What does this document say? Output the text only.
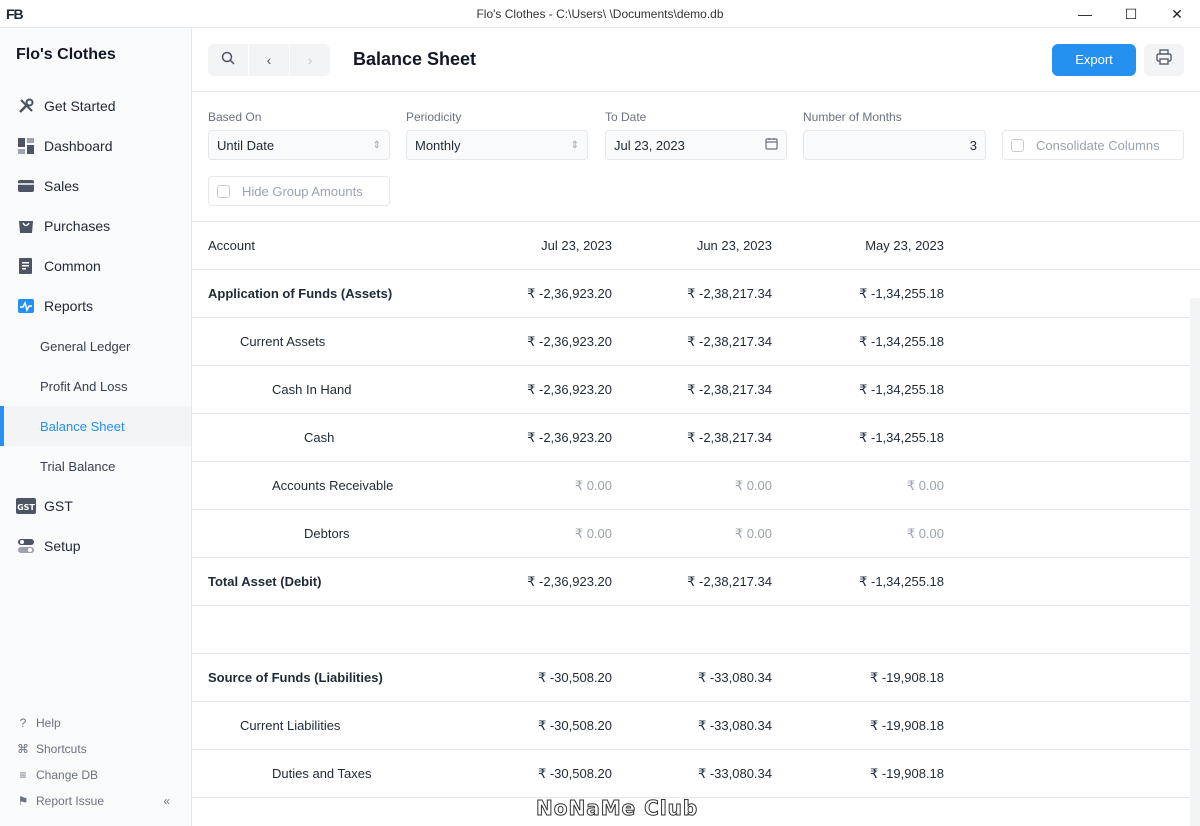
FB	Flo's Clothes - C:\Users\ \Documents\demo.db	—	☐	✕
Flo's Clothes
Get Started
Dashboard
Sales
Purchases
Common
Reports
General Ledger
Profit And Loss
Balance Sheet
Trial Balance
GST GST
Setup
? Help
⌘ Shortcuts
≡ Change DB
⚑ Report Issue	«
‹	› Balance Sheet	Export
Based On
Until Date	⇕
Periodicity
Monthly	⇕
To Date
Jul 23, 2023
Number of Months
3	Consolidate Columns
Hide Group Amounts
Account	Jul 23, 2023	Jun 23, 2023	May 23, 2023
Application of Funds (Assets)	₹ -2,36,923.20	₹ -2,38,217.34	₹ -1,34,255.18
Current Assets	₹ -2,36,923.20	₹ -2,38,217.34	₹ -1,34,255.18
Cash In Hand	₹ -2,36,923.20	₹ -2,38,217.34	₹ -1,34,255.18
Cash	₹ -2,36,923.20	₹ -2,38,217.34	₹ -1,34,255.18
Accounts Receivable	₹ 0.00	₹ 0.00	₹ 0.00
Debtors	₹ 0.00	₹ 0.00	₹ 0.00
Total Asset (Debit)	₹ -2,36,923.20	₹ -2,38,217.34	₹ -1,34,255.18
Source of Funds (Liabilities)	₹ -30,508.20	₹ -33,080.34	₹ -19,908.18
Current Liabilities	₹ -30,508.20	₹ -33,080.34	₹ -19,908.18
Duties and Taxes	₹ -30,508.20	₹ -33,080.34	₹ -19,908.18
NoNaMe Club
